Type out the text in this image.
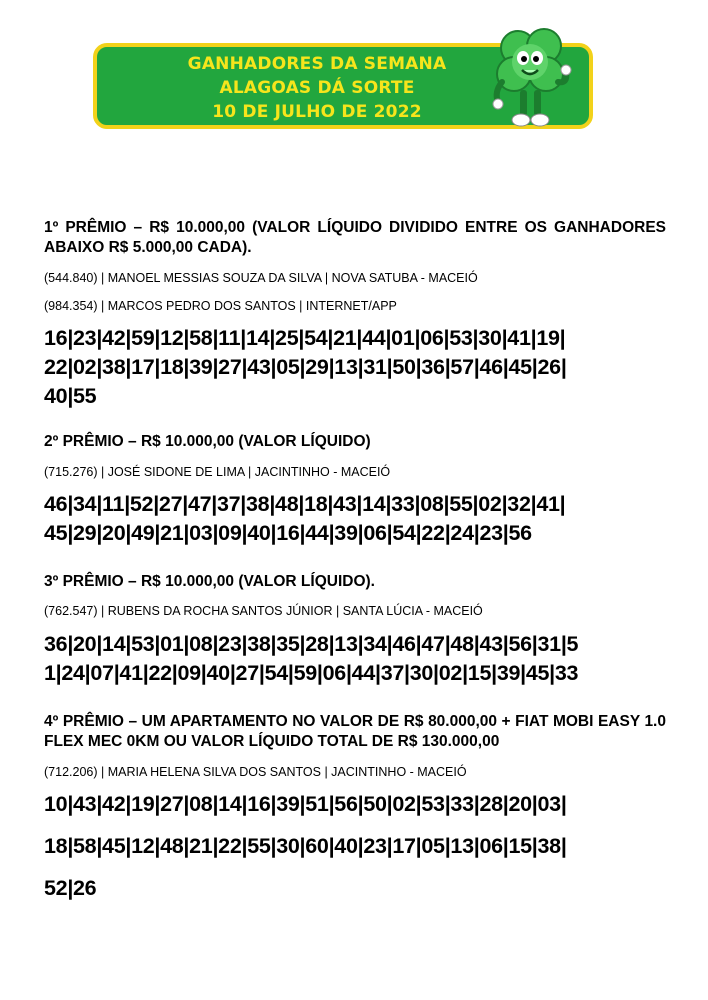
GANHADORES DA SEMANA
ALAGOAS DÁ SORTE
10 DE JULHO DE 2022

1º PRÊMIO – R$ 10.000,00 (VALOR LÍQUIDO DIVIDIDO ENTRE OS GANHADORES ABAIXO R$ 5.000,00 CADA).

(544.840) | MANOEL MESSIAS SOUZA DA SILVA | NOVA SATUBA - MACEIÓ

(984.354) | MARCOS PEDRO DOS SANTOS | INTERNET/APP

16|23|42|59|12|58|11|14|25|54|21|44|01|06|53|30|41|19|
22|02|38|17|18|39|27|43|05|29|13|31|50|36|57|46|45|26|
40|55

2º PRÊMIO – R$ 10.000,00 (VALOR LÍQUIDO)

(715.276) | JOSÉ SIDONE DE LIMA | JACINTINHO - MACEIÓ

46|34|11|52|27|47|37|38|48|18|43|14|33|08|55|02|32|41|
45|29|20|49|21|03|09|40|16|44|39|06|54|22|24|23|56

3º PRÊMIO – R$ 10.000,00 (VALOR LÍQUIDO).

(762.547) | RUBENS DA ROCHA SANTOS JÚNIOR | SANTA LÚCIA - MACEIÓ

36|20|14|53|01|08|23|38|35|28|13|34|46|47|48|43|56|31|5
1|24|07|41|22|09|40|27|54|59|06|44|37|30|02|15|39|45|33

4º PRÊMIO – UM APARTAMENTO NO VALOR DE R$ 80.000,00 + FIAT MOBI EASY 1.0 FLEX MEC 0KM OU VALOR LÍQUIDO TOTAL DE R$ 130.000,00

(712.206) | MARIA HELENA SILVA DOS SANTOS | JACINTINHO - MACEIÓ

10|43|42|19|27|08|14|16|39|51|56|50|02|53|33|28|20|03|
18|58|45|12|48|21|22|55|30|60|40|23|17|05|13|06|15|38|
52|26
